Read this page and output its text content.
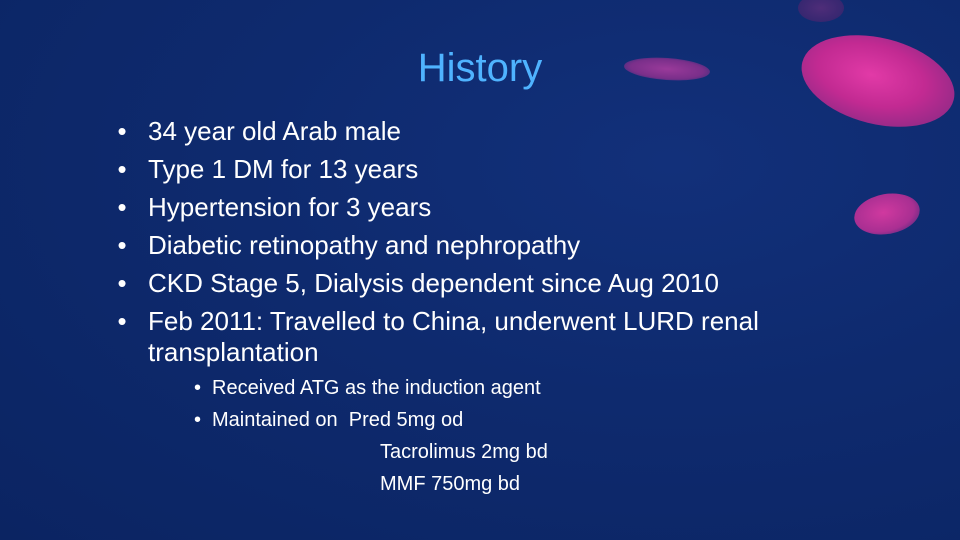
History
• 34 year old Arab male
• Type 1 DM for 13 years
• Hypertension for 3 years
• Diabetic retinopathy and nephropathy
• CKD Stage 5, Dialysis dependent since Aug 2010
• Feb 2011: Travelled to China, underwent LURD renal transplantation
• Received ATG as the induction agent
• Maintained on  Pred 5mg od
Tacrolimus 2mg bd
MMF 750mg bd
